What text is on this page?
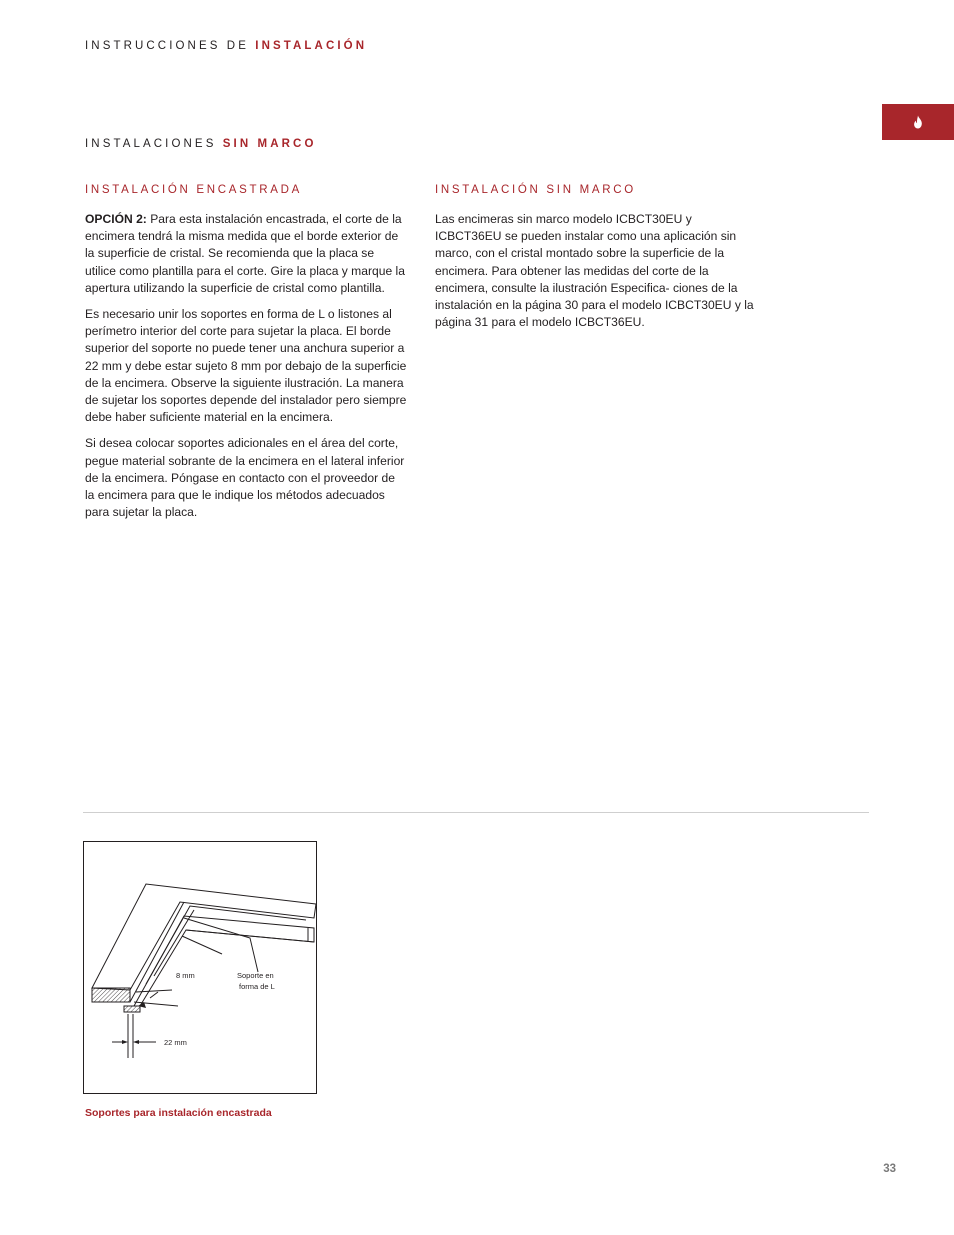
INSTRUCCIONES DE INSTALACIÓN
INSTALACIONES SIN MARCO
INSTALACIÓN ENCASTRADA

OPCIÓN 2: Para esta instalación encastrada, el corte de la encimera tendrá la misma medida que el borde exterior de la superficie de cristal. Se recomienda que la placa se utilice como plantilla para el corte. Gire la placa y marque la apertura utilizando la superficie de cristal como plantilla.

Es necesario unir los soportes en forma de L o listones al perímetro interior del corte para sujetar la placa. El borde superior del soporte no puede tener una anchura superior a 22 mm y debe estar sujeto 8 mm por debajo de la superficie de la encimera. Observe la siguiente ilustración. La manera de sujetar los soportes depende del instalador pero siempre debe haber suficiente material en la encimera.

Si desea colocar soportes adicionales en el área del corte, pegue material sobrante de la encimera en el lateral inferior de la encimera. Póngase en contacto con el proveedor de la encimera para que le indique los métodos adecuados para sujetar la placa.

INSTALACIÓN SIN MARCO

Las encimeras sin marco modelo ICBCT30EU y ICBCT36EU se pueden instalar como una aplicación sin marco, con el cristal montado sobre la superficie de la encimera. Para obtener las medidas del corte de la encimera, consulte la ilustración Especifica- ciones de la instalación en la página 30 para el modelo ICBCT30EU y la página 31 para el modelo ICBCT36EU.

8 mm	Soporte en
forma de L
22 mm
Soportes para instalación encastrada
33
